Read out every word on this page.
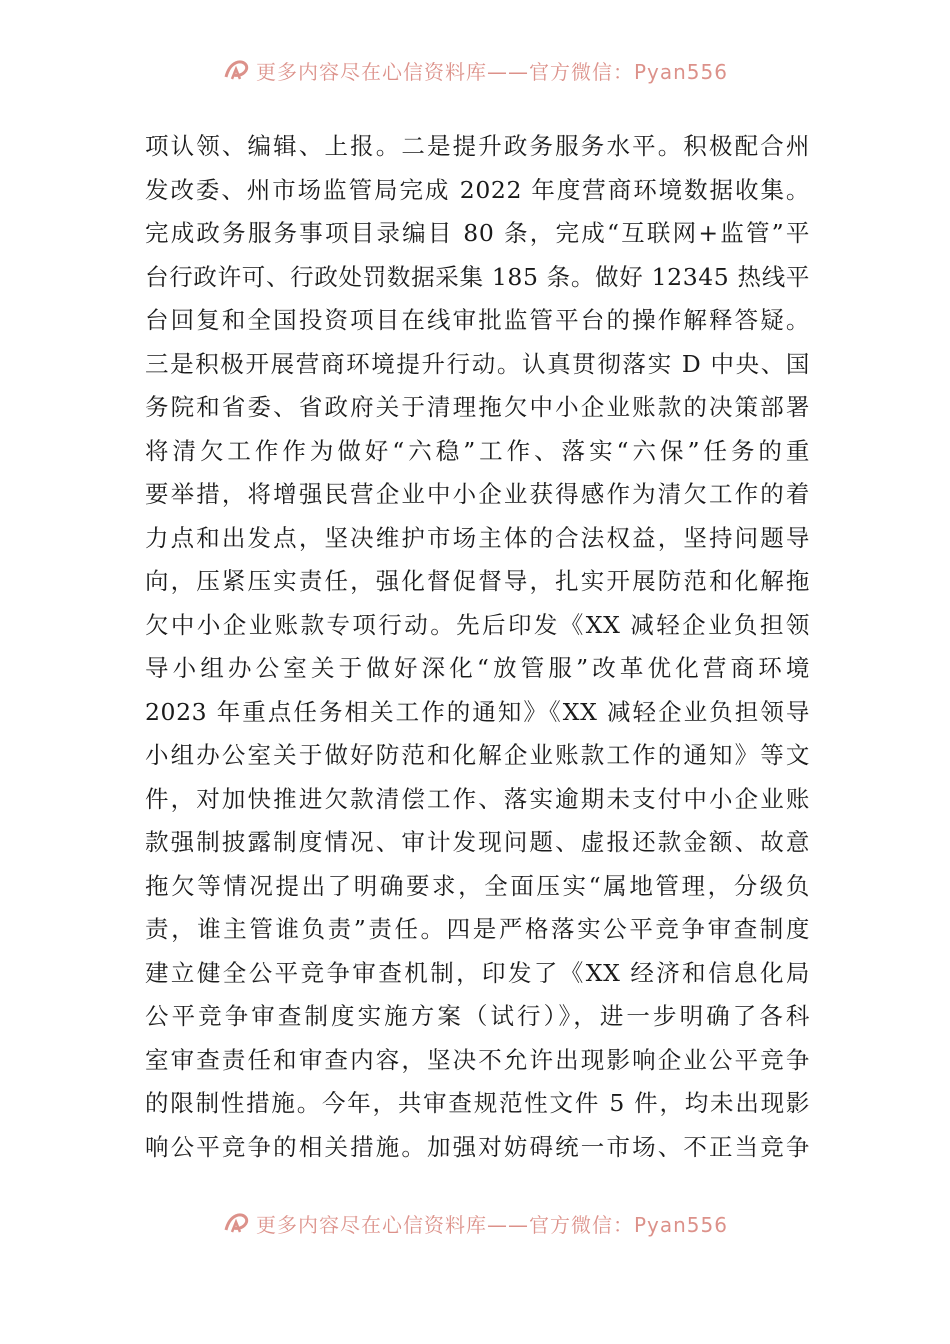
更多内容尽在心信资料库——官方微信：Pyan556
项认领、编辑、上报。二是提升政务服务水平。积极配合州
发改委、州市场监管局完成 2022 年度营商环境数据收集。
完成政务服务事项目录编目 80 条，完成“互联网+监管”平
台行政许可、行政处罚数据采集 185 条。做好 12345 热线平
台回复和全国投资项目在线审批监管平台的操作解释答疑。
三是积极开展营商环境提升行动。认真贯彻落实 D 中央、国
务院和省委、省政府关于清理拖欠中小企业账款的决策部署
将清欠工作作为做好“六稳”工作、落实“六保”任务的重
要举措，将增强民营企业中小企业获得感作为清欠工作的着
力点和出发点，坚决维护市场主体的合法权益，坚持问题导
向，压紧压实责任，强化督促督导，扎实开展防范和化解拖
欠中小企业账款专项行动。先后印发《XX 减轻企业负担领
导小组办公室关于做好深化“放管服”改革优化营商环境
2023 年重点任务相关工作的通知》《XX 减轻企业负担领导
小组办公室关于做好防范和化解企业账款工作的通知》等文
件，对加快推进欠款清偿工作、落实逾期未支付中小企业账
款强制披露制度情况、审计发现问题、虚报还款金额、故意
拖欠等情况提出了明确要求，全面压实“属地管理，分级负
责，谁主管谁负责”责任。四是严格落实公平竞争审查制度
建立健全公平竞争审查机制，印发了《XX 经济和信息化局
公平竞争审查制度实施方案（试行）》，进一步明确了各科
室审查责任和审查内容，坚决不允许出现影响企业公平竞争
的限制性措施。今年，共审查规范性文件 5 件，均未出现影
响公平竞争的相关措施。加强对妨碍统一市场、不正当竞争
更多内容尽在心信资料库——官方微信：Pyan556
